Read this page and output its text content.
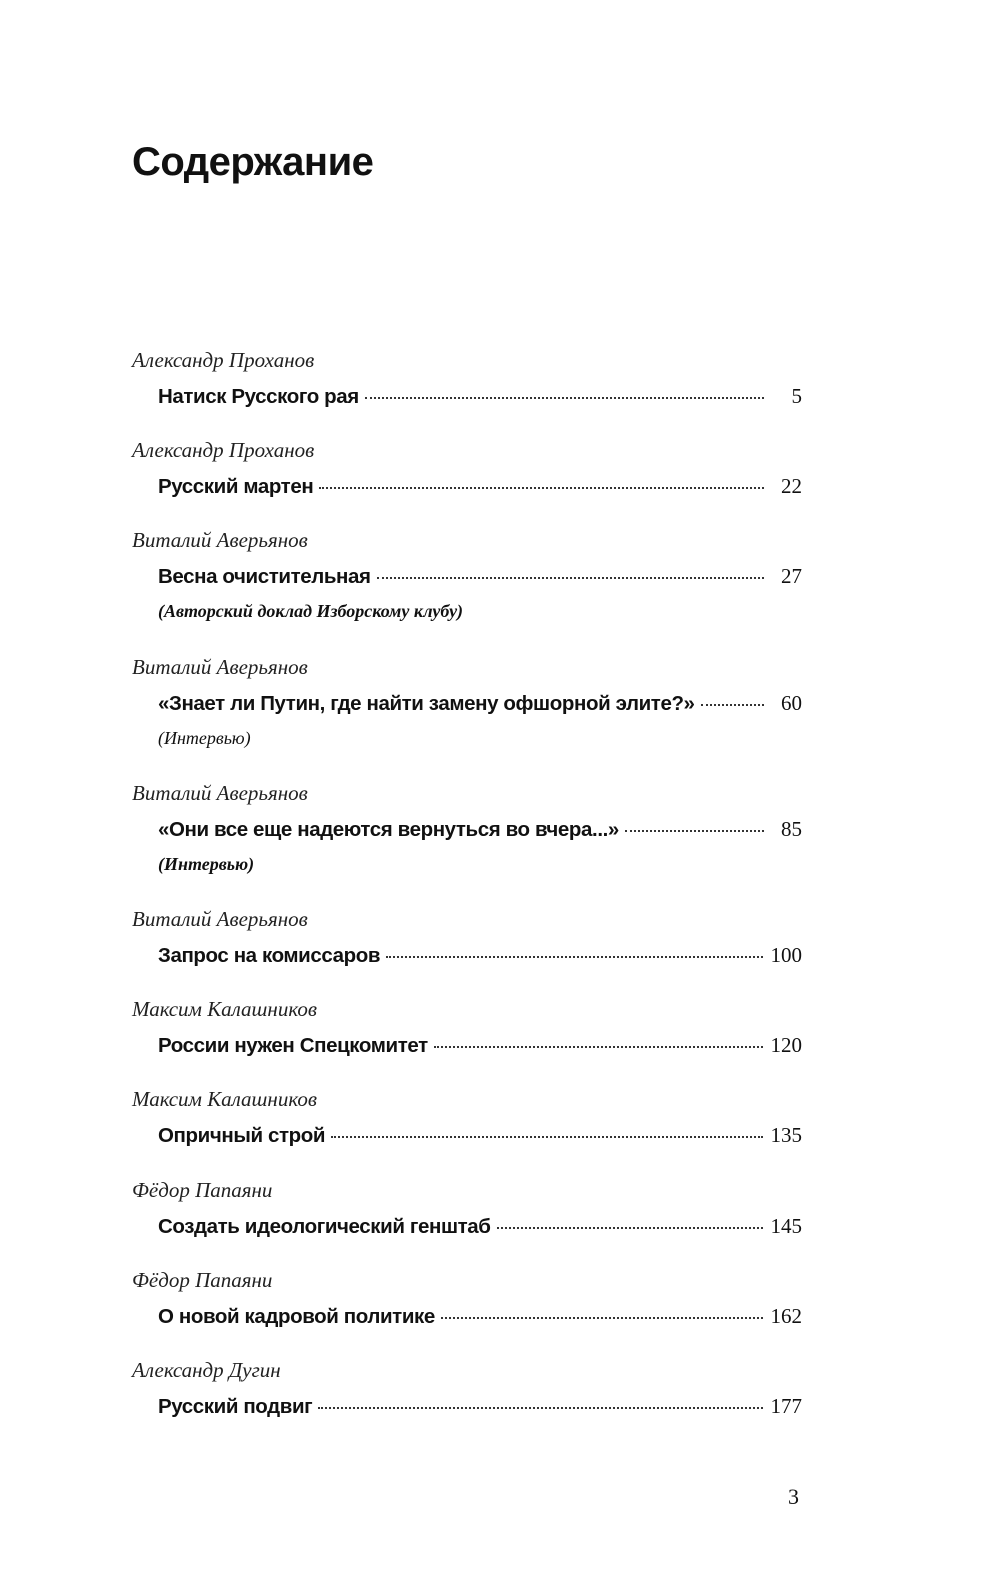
Содержание
Александр Проханов
Натиск Русского рая	5
Александр Проханов
Русский мартен	22
Виталий Аверьянов
Весна очистительная	27
(Авторский доклад Изборскому клубу)
Виталий Аверьянов
«Знает ли Путин, где найти замену офшорной элите?»	60
(Интервью)
Виталий Аверьянов
«Они все еще надеются вернуться во вчера...»	85
(Интервью)
Виталий Аверьянов
Запрос на комиссаров	100
Максим Калашников
России нужен Спецкомитет	120
Максим Калашников
Опричный строй	135
Фёдор Папаяни
Создать идеологический генштаб	145
Фёдор Папаяни
О новой кадровой политике	162
Александр Дугин
Русский подвиг	177
3
